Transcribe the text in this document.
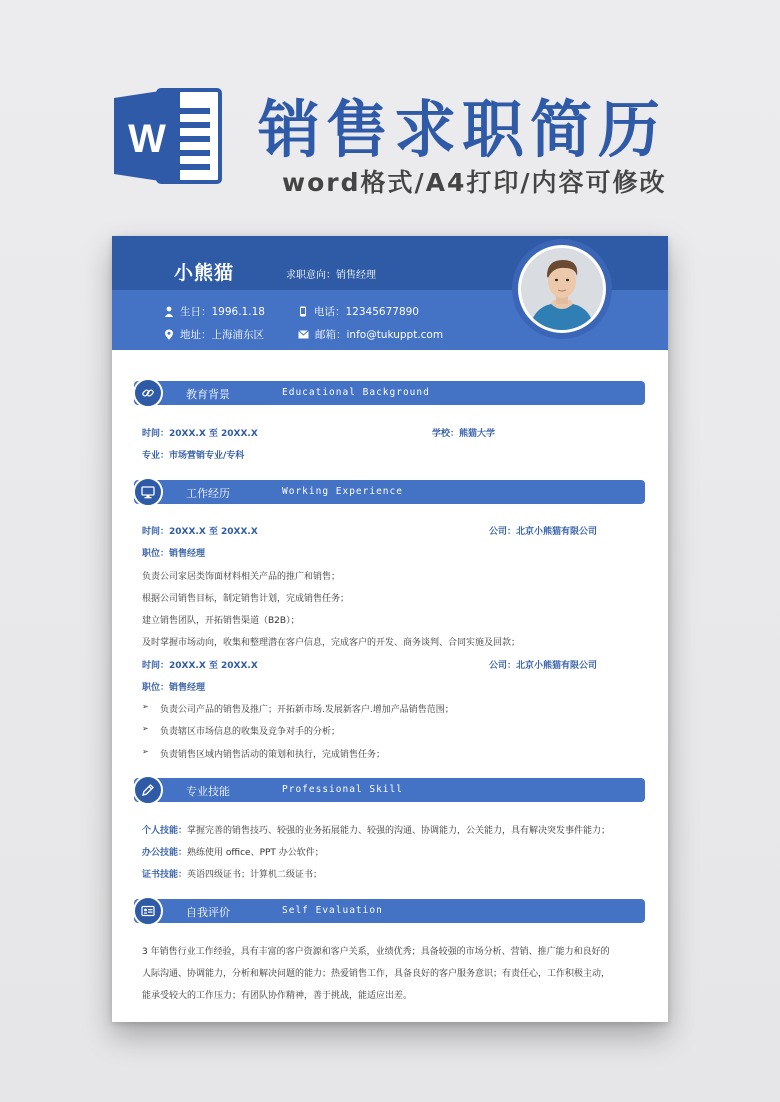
W 销售求职简历
word格式/A4打印/内容可修改
小熊猫	求职意向：销售经理
生日：1996.1.18	电话：12345677890
地址：上海浦东区	邮箱：info@tukuppt.com
教育背景	Educational Background
时间：20XX.X 至 20XX.X	学校：熊猫大学
专业：市场营销专业/专科
工作经历	Working Experience
时间：20XX.X 至 20XX.X	公司：北京小熊猫有限公司
职位：销售经理
负责公司家居类饰面材料相关产品的推广和销售；
根据公司销售目标，制定销售计划，完成销售任务；
建立销售团队，开拓销售渠道（B2B）；
及时掌握市场动向，收集和整理潜在客户信息，完成客户的开发、商务谈判、合同实施及回款；
时间：20XX.X 至 20XX.X	公司：北京小熊猫有限公司
职位：销售经理
➢ 负责公司产品的销售及推广；开拓新市场.发展新客户.增加产品销售范围；
➢ 负责辖区市场信息的收集及竞争对手的分析；
➢ 负责销售区域内销售活动的策划和执行，完成销售任务；
专业技能	Professional Skill
个人技能：掌握完善的销售技巧、较强的业务拓展能力、较强的沟通、协调能力，公关能力，具有解决突发事件能力；
办公技能：熟练使用 office、PPT 办公软件；
证书技能：英语四级证书；计算机二级证书；
自我评价	Self Evaluation
3 年销售行业工作经验，具有丰富的客户资源和客户关系，业绩优秀；具备较强的市场分析、营销、推广能力和良好的
人际沟通、协调能力，分析和解决问题的能力；热爱销售工作，具备良好的客户服务意识；有责任心，工作积极主动，
能承受较大的工作压力；有团队协作精神，善于挑战，能适应出差。
